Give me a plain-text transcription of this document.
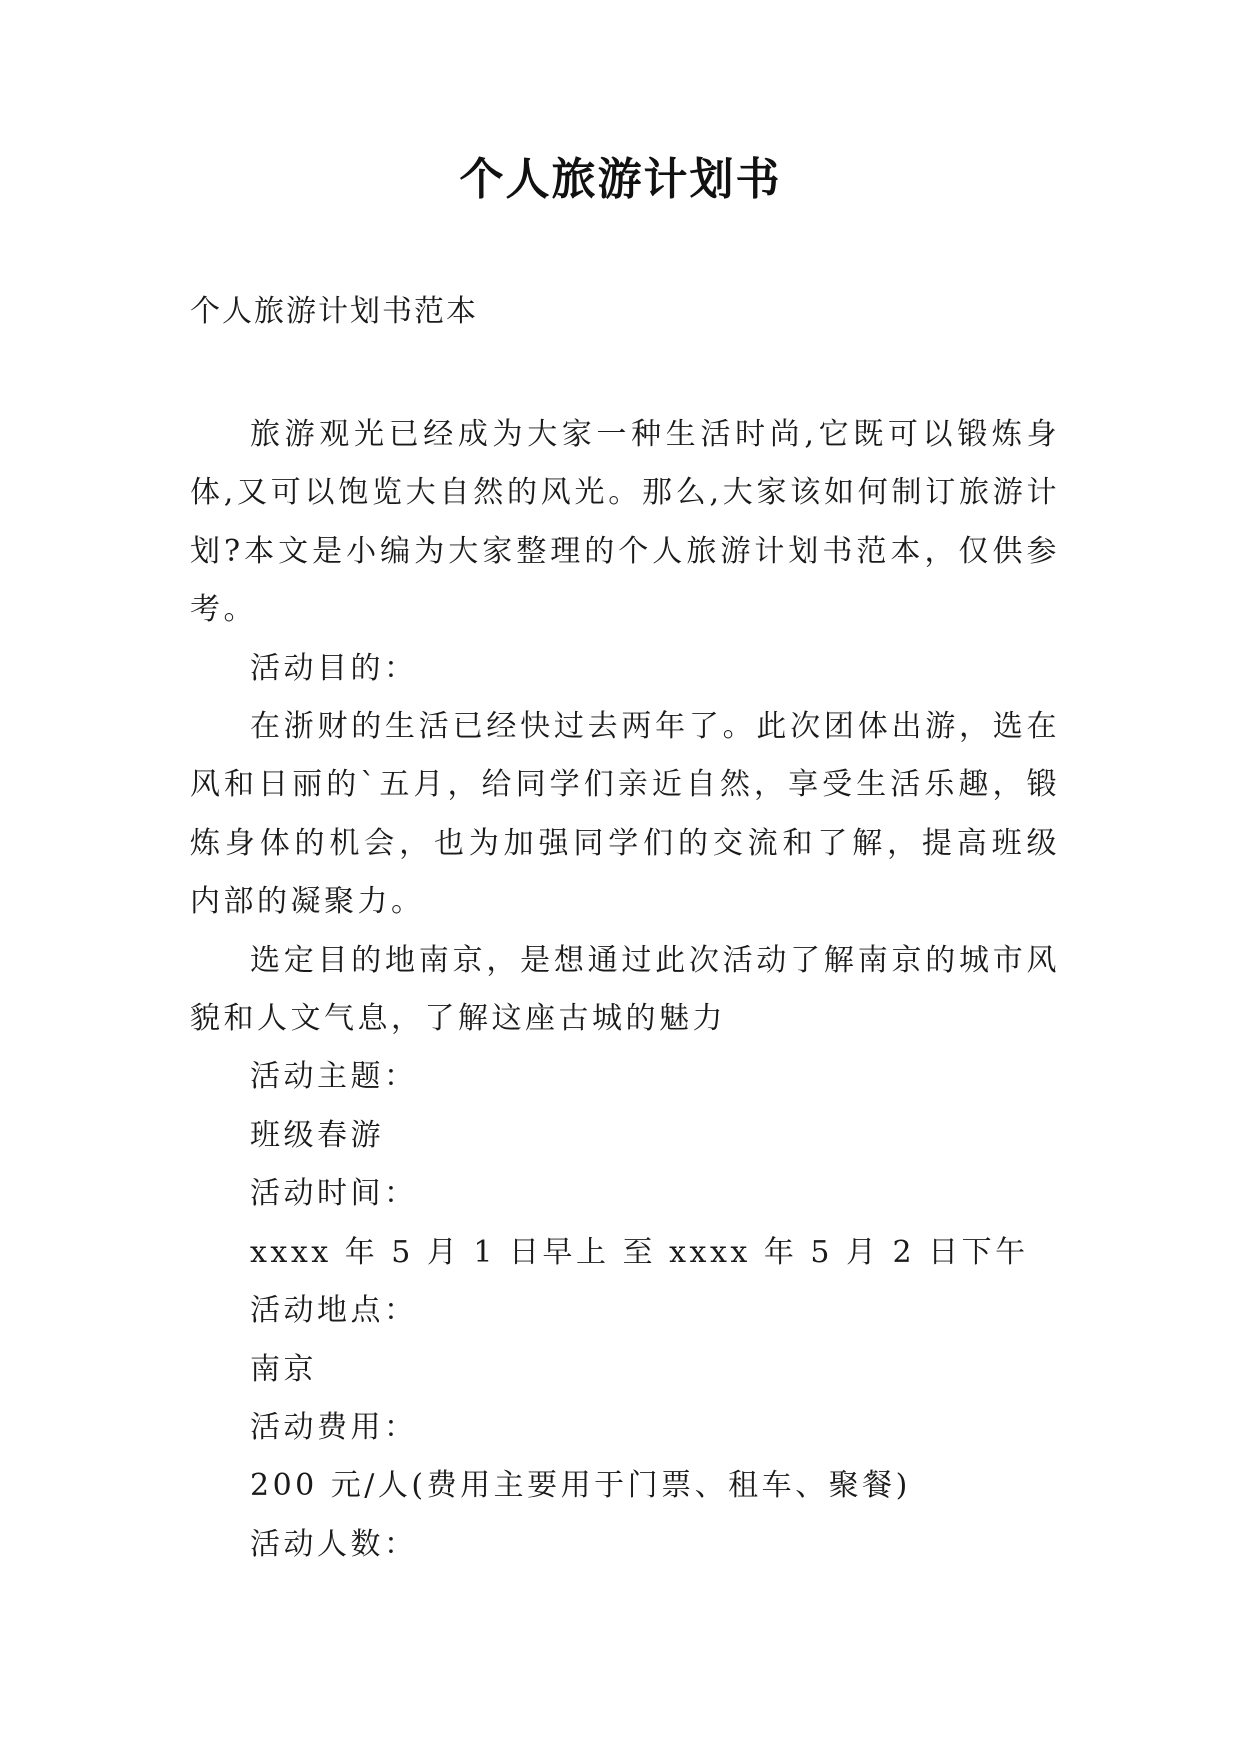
个人旅游计划书
个人旅游计划书范本

旅游观光已经成为大家一种生活时尚,它既可以锻炼身体,又可以饱览大自然的风光。那么,大家该如何制订旅游计划?本文是小编为大家整理的个人旅游计划书范本，仅供参考。

活动目的：

在浙财的生活已经快过去两年了。此次团体出游，选在风和日丽的`五月，给同学们亲近自然，享受生活乐趣，锻炼身体的机会，也为加强同学们的交流和了解，提高班级内部的凝聚力。

选定目的地南京，是想通过此次活动了解南京的城市风貌和人文气息，了解这座古城的魅力

活动主题：

班级春游

活动时间：

xxxx 年 5 月 1 日早上 至 xxxx 年 5 月 2 日下午

活动地点：

南京

活动费用：

200 元/人(费用主要用于门票、租车、聚餐)

活动人数：
